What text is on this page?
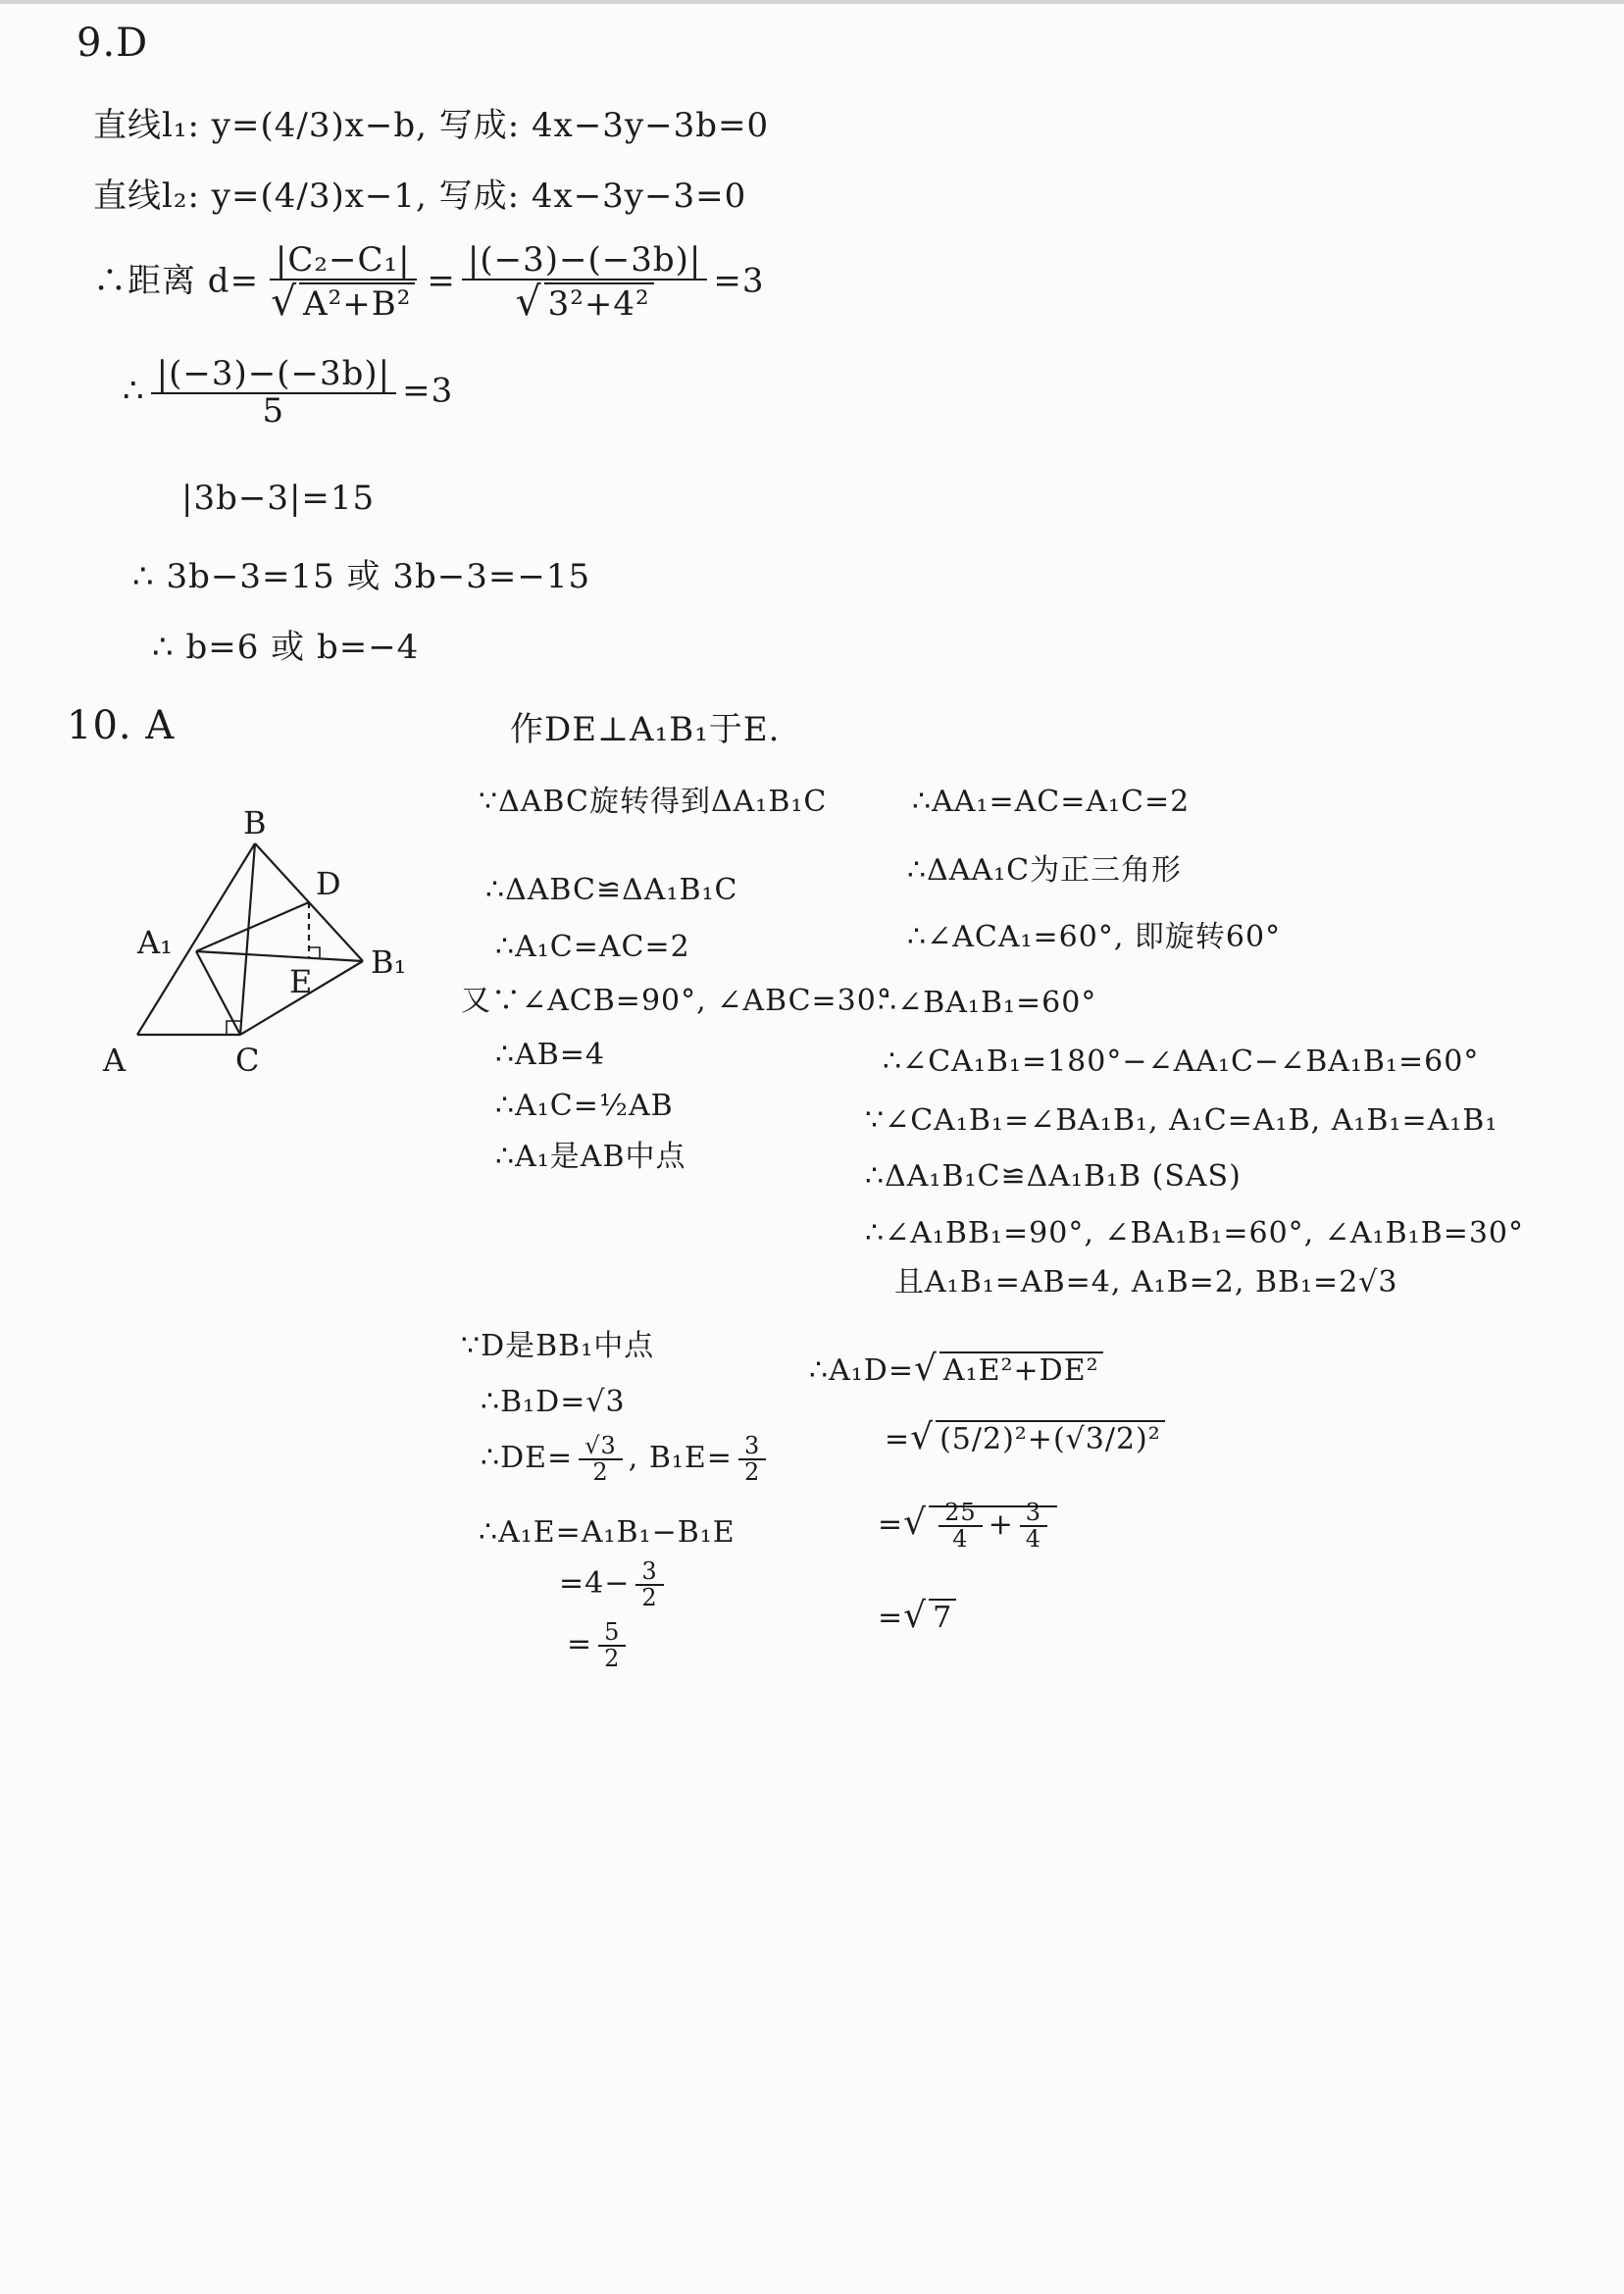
9.D
直线l₁: y=(4/3)x−b, 写成: 4x−3y−3b=0
直线l₂: y=(4/3)x−1, 写成: 4x−3y−3=0
∴距离 $d= \frac{\text{|C₂−C₁|}}{\text{√ A²+B²}} = \frac{|(-3)-(-3b)|}{\text{√ 3²+4²}} =3$
∴ $\frac{|(-3)-(-3b)|}{5} =3$
|3b−3|=15
∴ 3b−3=15 或 3b−3=−15
∴ b=6 或 b=−4
10. A	作DE⊥A₁B₁于E.
B
D
A₁
B₁
E
A	C
∵ΔABC旋转得到ΔA₁B₁C
∴ΔABC≌ΔA₁B₁C
∴A₁C=AC=2
又∵∠ACB=90°, ∠ABC=30°
∴AB=4
∴A₁C=½AB
∴A₁是AB中点
∴AA₁=AC=A₁C=2
∴ΔAA₁C为正三角形
∴∠ACA₁=60°, 即旋转60°
∴∠BA₁B₁=60°
∴∠CA₁B₁=180°−∠AA₁C−∠BA₁B₁=60°
∵∠CA₁B₁=∠BA₁B₁, A₁C=A₁B, A₁B₁=A₁B₁
∴ΔA₁B₁C≌ΔA₁B₁B (SAS)
∴∠A₁BB₁=90°, ∠BA₁B₁=60°, ∠A₁B₁B=30°
且A₁B₁=AB=4, A₁B=2, BB₁=2√3
∵D是BB₁中点
∴B₁D=√3
∴DE= $\frac{√3}{2}$ , $B_1E= \frac{3}{2}$
∴A₁E=A₁B₁−B₁E
$=4- \frac{3}{2}$
= $\frac{5}{2}$
∴A₁D=√ A₁E²+DE²
=√ (5/2)²+(√3/2)²
=√ $\frac{25}{4} + \frac{3}{4}$
=√ 7
